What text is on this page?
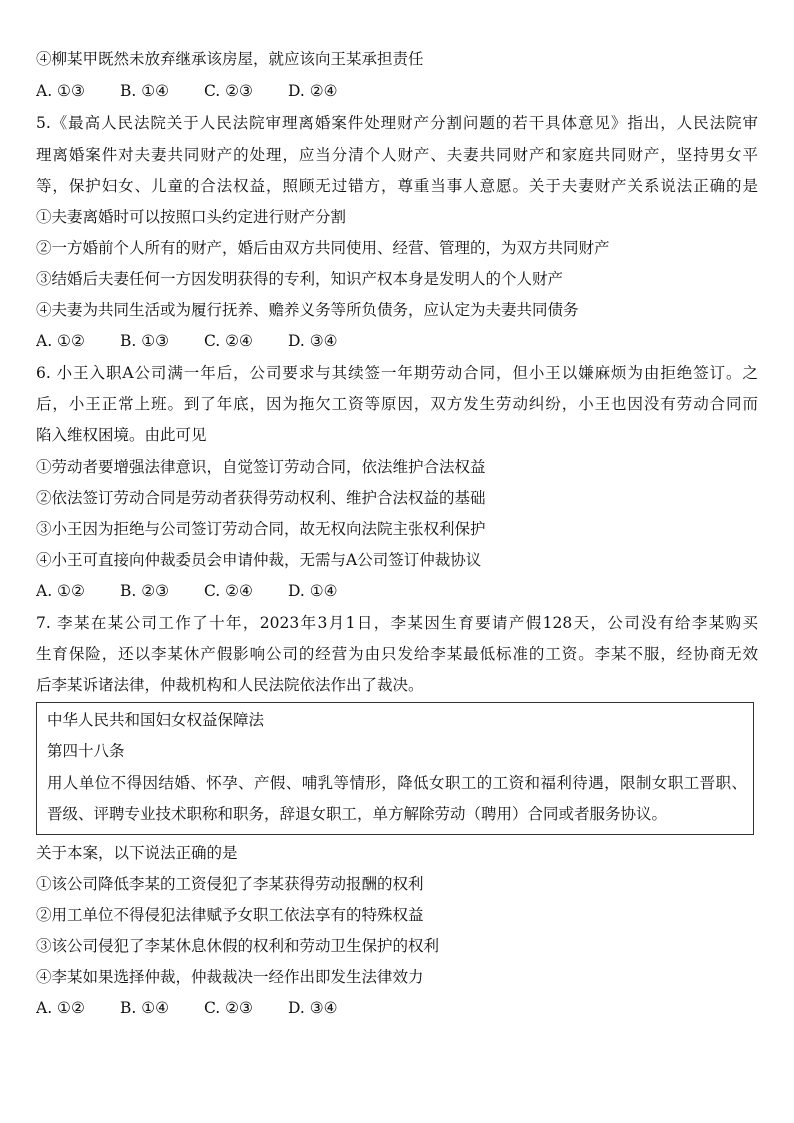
④柳某甲既然未放弃继承该房屋，就应该向王某承担责任
A. ①③	B. ①④	C. ②③	D. ②④
5.《最高人民法院关于人民法院审理离婚案件处理财产分割问题的若干具体意见》指出，人民法院审
理离婚案件对夫妻共同财产的处理，应当分清个人财产、夫妻共同财产和家庭共同财产，坚持男女平
等，保护妇女、儿童的合法权益，照顾无过错方，尊重当事人意愿。关于夫妻财产关系说法正确的是
①夫妻离婚时可以按照口头约定进行财产分割
②一方婚前个人所有的财产，婚后由双方共同使用、经营、管理的，为双方共同财产
③结婚后夫妻任何一方因发明获得的专利，知识产权本身是发明人的个人财产
④夫妻为共同生活或为履行抚养、赡养义务等所负债务，应认定为夫妻共同债务
A. ①②	B. ①③	C. ②④	D. ③④
6. 小王入职A公司满一年后，公司要求与其续签一年期劳动合同，但小王以嫌麻烦为由拒绝签订。之
后，小王正常上班。到了年底，因为拖欠工资等原因，双方发生劳动纠纷，小王也因没有劳动合同而
陷入维权困境。由此可见
①劳动者要增强法律意识，自觉签订劳动合同，依法维护合法权益
②依法签订劳动合同是劳动者获得劳动权利、维护合法权益的基础
③小王因为拒绝与公司签订劳动合同，故无权向法院主张权利保护
④小王可直接向仲裁委员会申请仲裁，无需与A公司签订仲裁协议
A. ①②	B. ②③	C. ②④	D. ①④
7. 李某在某公司工作了十年，2023年3月1日，李某因生育要请产假128天，公司没有给李某购买
生育保险，还以李某休产假影响公司的经营为由只发给李某最低标准的工资。李某不服，经协商无效
后李某诉诸法律，仲裁机构和人民法院依法作出了裁决。
中华人民共和国妇女权益保障法
第四十八条
用人单位不得因结婚、怀孕、产假、哺乳等情形，降低女职工的工资和福利待遇，限制女职工晋职、
晋级、评聘专业技术职称和职务，辞退女职工，单方解除劳动（聘用）合同或者服务协议。
关于本案，以下说法正确的是
①该公司降低李某的工资侵犯了李某获得劳动报酬的权利
②用工单位不得侵犯法律赋予女职工依法享有的特殊权益
③该公司侵犯了李某休息休假的权利和劳动卫生保护的权利
④李某如果选择仲裁，仲裁裁决一经作出即发生法律效力
A. ①②	B. ①④	C. ②③	D. ③④
